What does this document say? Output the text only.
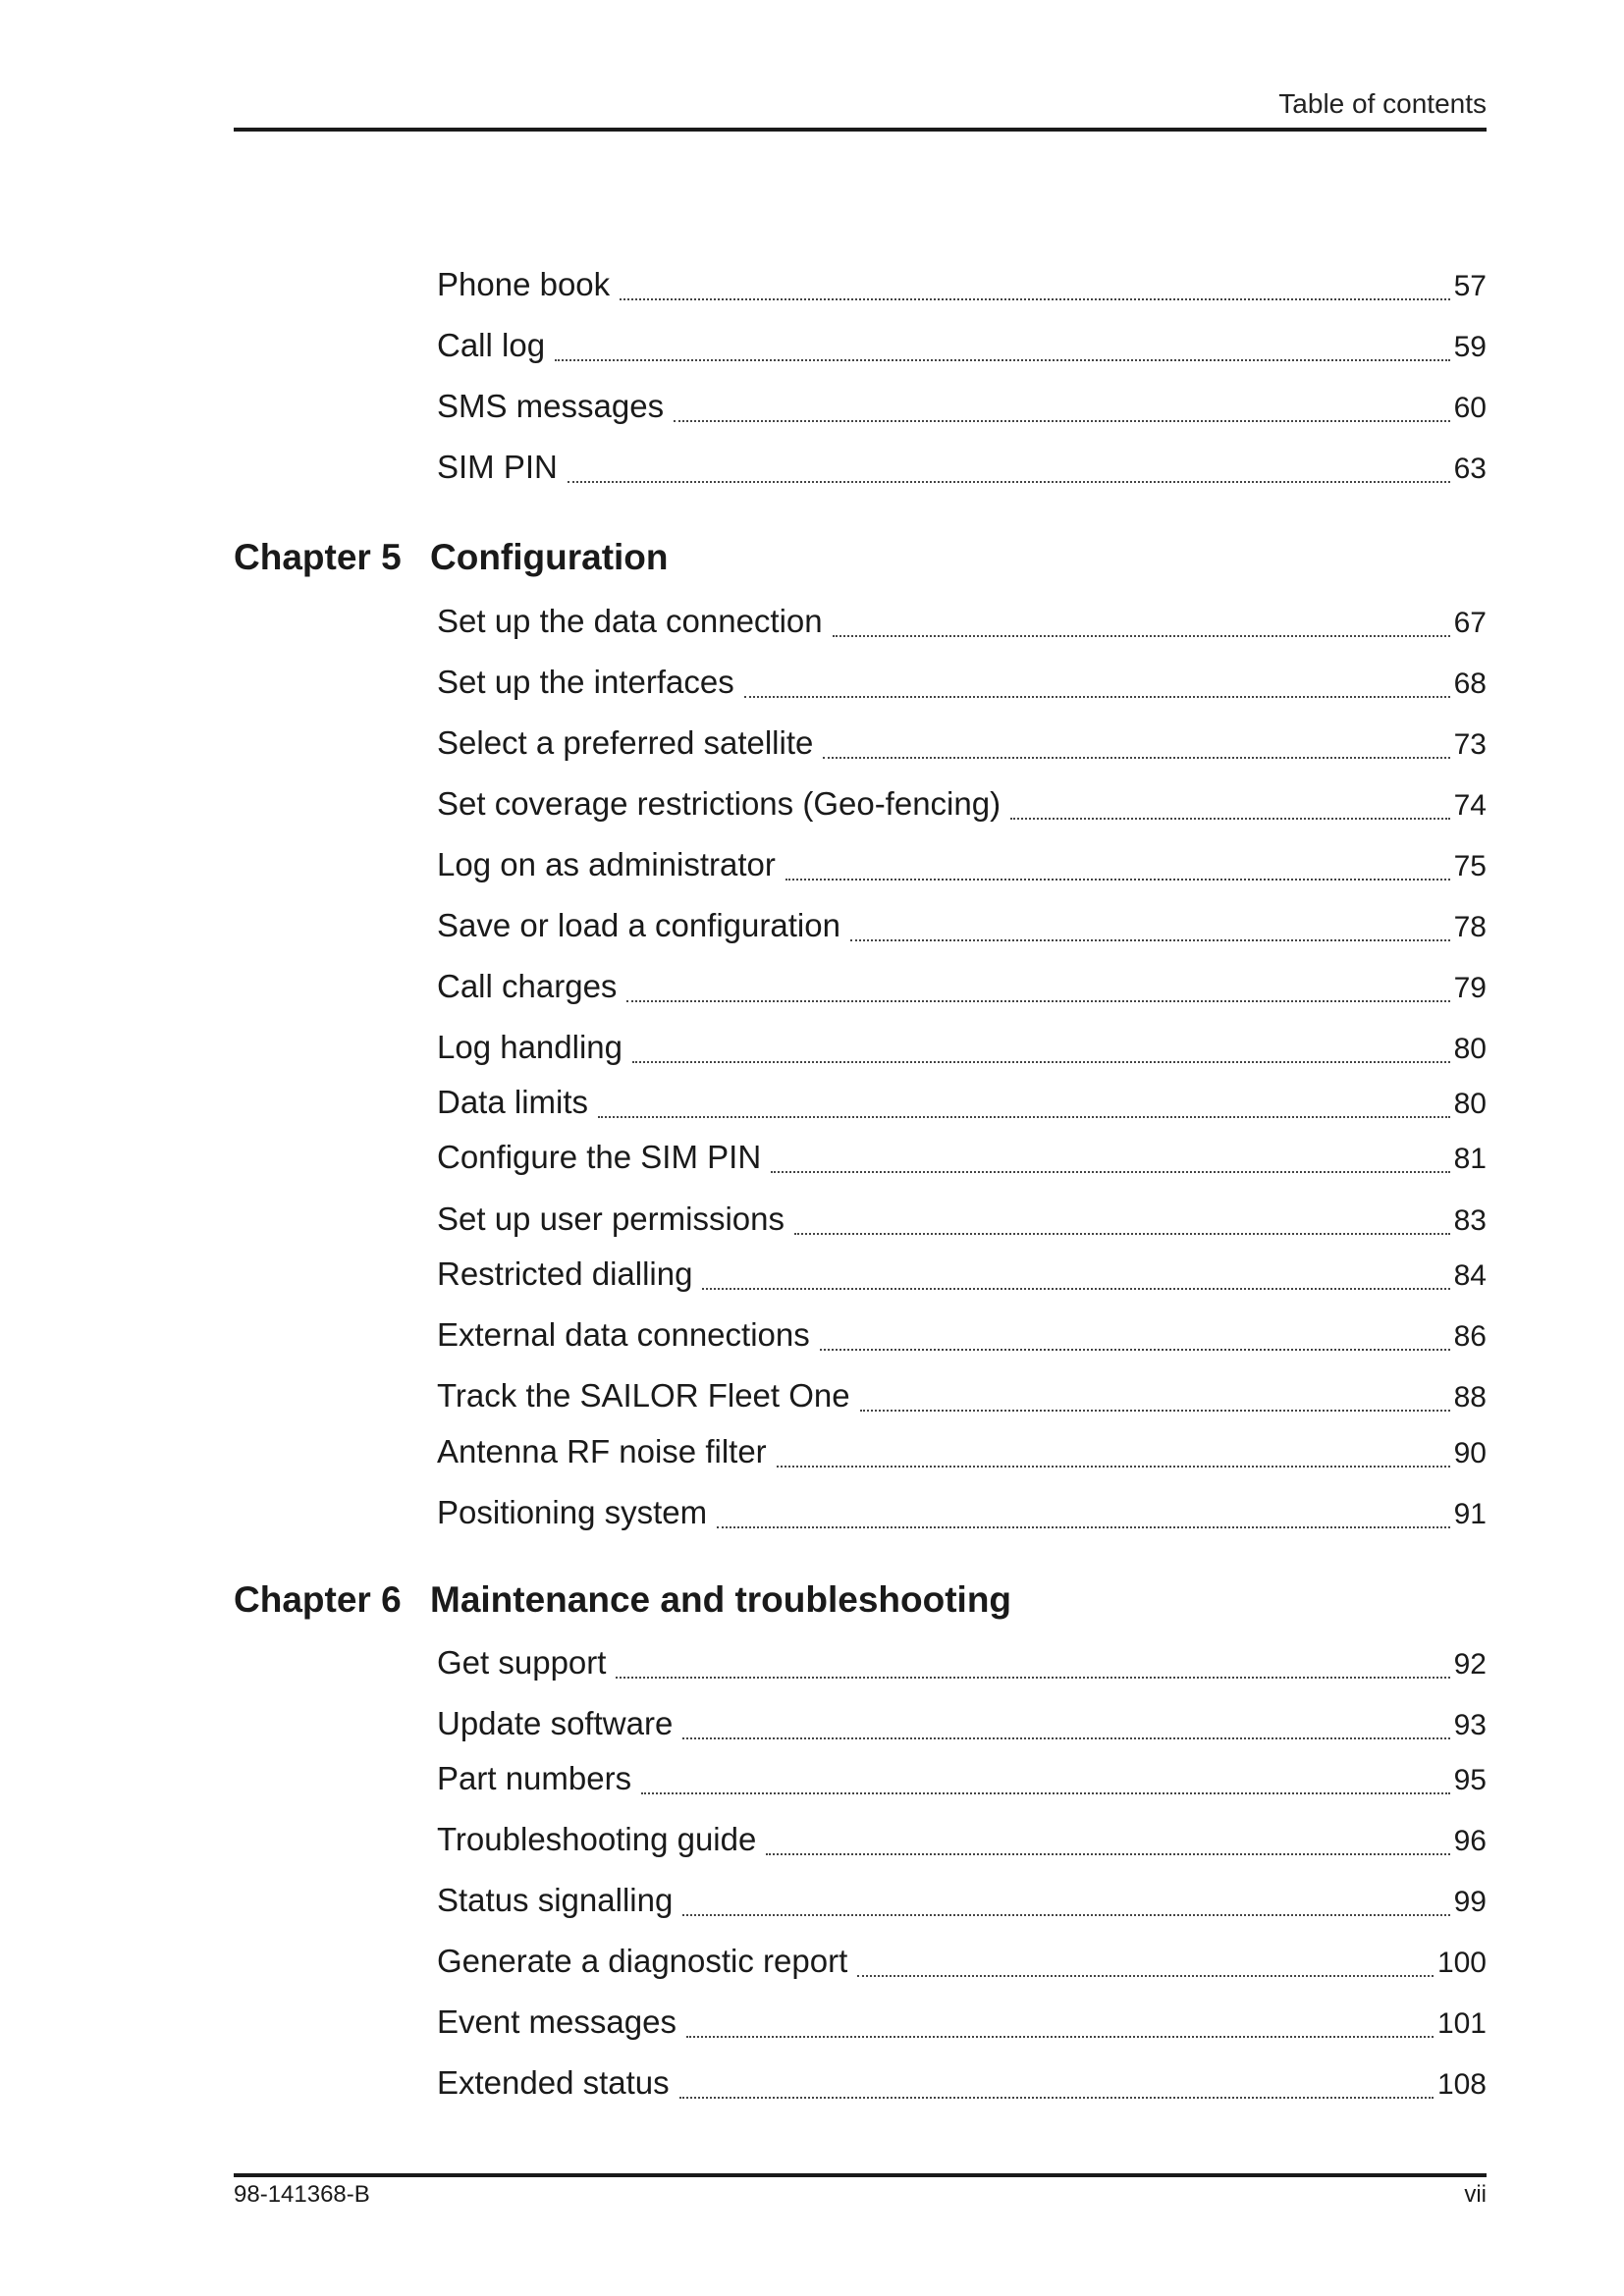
Table of contents
Phone book	57
Call log	59
SMS messages	60
SIM PIN	63
Chapter 5 Configuration
Set up the data connection	67
Set up the interfaces	68
Select a preferred satellite	73
Set coverage restrictions (Geo-fencing)	74
Log on as administrator	75
Save or load a configuration	78
Call charges	79
Log handling	80
Data limits	80
Configure the SIM PIN	81
Set up user permissions	83
Restricted dialling	84
External data connections	86
Track the SAILOR Fleet One	88
Antenna RF noise filter	90
Positioning system	91
Chapter 6 Maintenance and troubleshooting
Get support	92
Update software	93
Part numbers	95
Troubleshooting guide	96
Status signalling	99
Generate a diagnostic report	100
Event messages	101
Extended status	108
98-141368-B	vii
